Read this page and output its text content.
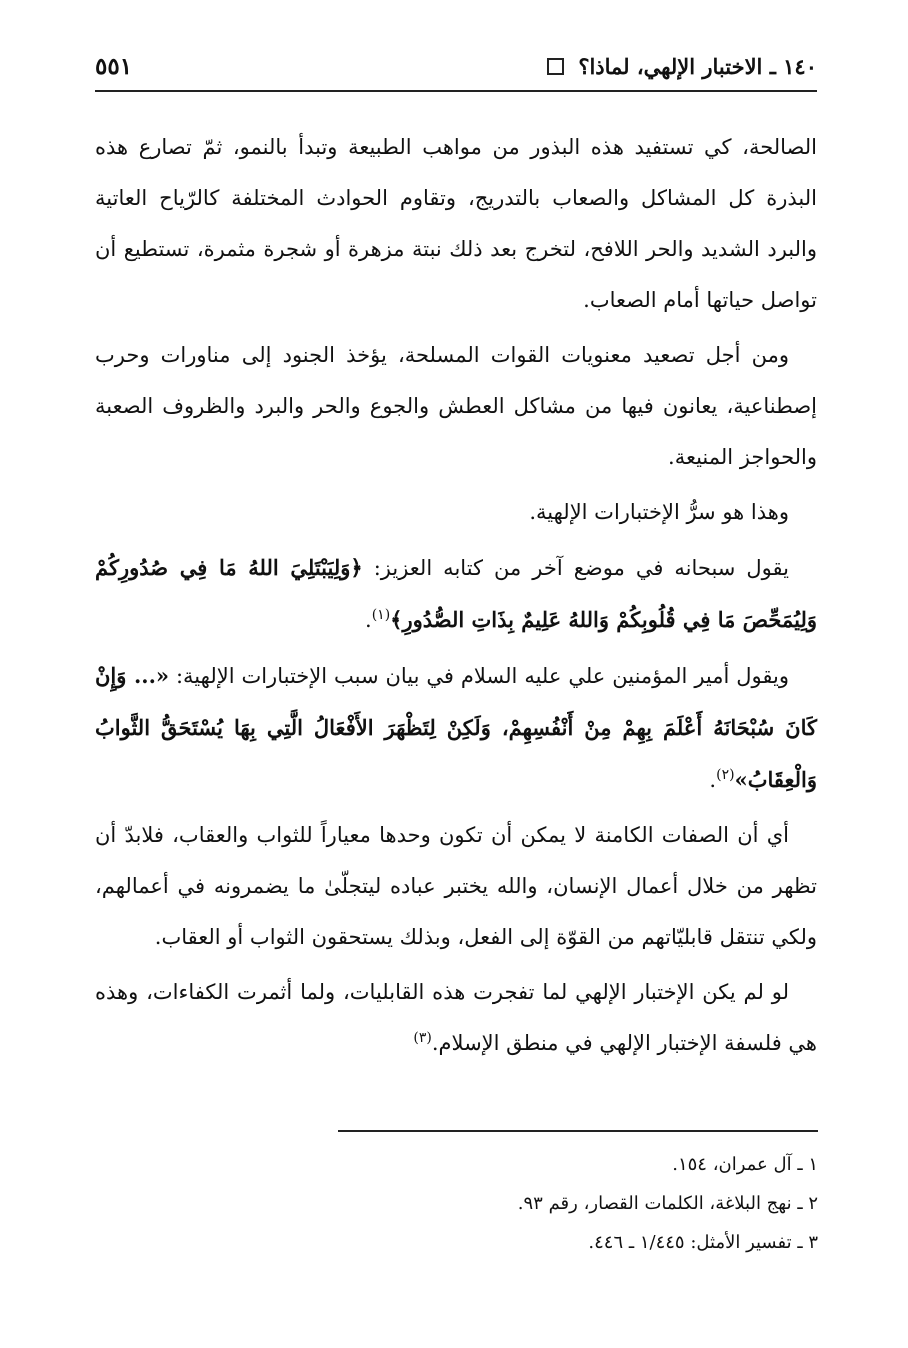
١٤٠ ـ الاختبار الإلهي، لماذا؟
٥٥١

الصالحة، كي تستفيد هذه البذور من مواهب الطبيعة وتبدأ بالنمو، ثمّ تصارع هذه البذرة كل المشاكل والصعاب بالتدريج، وتقاوم الحوادث المختلفة كالرّياح العاتية والبرد الشديد والحر اللافح، لتخرج بعد ذلك نبتة مزهرة أو شجرة مثمرة، تستطيع أن تواصل حياتها أمام الصعاب.

ومن أجل تصعيد معنويات القوات المسلحة، يؤخذ الجنود إلى مناورات وحرب إصطناعية، يعانون فيها من مشاكل العطش والجوع والحر والبرد والظروف الصعبة والحواجز المنيعة.

وهذا هو سرُّ الإختبارات الإلهية.

يقول سبحانه في موضع آخر من كتابه العزيز: ﴿وَلِيَبْتَلِيَ اللهُ مَا فِي صُدُورِكُمْ وَلِيُمَحِّصَ مَا فِي قُلُوبِكُمْ وَاللهُ عَلِيمٌ بِذَاتِ الصُّدُورِ﴾$^{(١)}$.

ويقول أمير المؤمنين علي عليه السلام في بيان سبب الإختبارات الإلهية: «... وَإِنْ كَانَ سُبْحَانَهُ أَعْلَمَ بِهِمْ مِنْ أَنْفُسِهِمْ، وَلَكِنْ لِتَظْهَرَ الأَفْعَالُ الَّتِي بِهَا يُسْتَحَقُّ الثَّوابُ وَالْعِقَابُ»$^{(٢)}$.

أي أن الصفات الكامنة لا يمكن أن تكون وحدها معياراً للثواب والعقاب، فلابدّ أن تظهر من خلال أعمال الإنسان، والله يختبر عباده ليتجلّىٰ ما يضمرونه في أعمالهم، ولكي تنتقل قابليّاتهم من القوّة إلى الفعل، وبذلك يستحقون الثواب أو العقاب.

لو لم يكن الإختبار الإلهي لما تفجرت هذه القابليات، ولما أثمرت الكفاءات، وهذه هي فلسفة الإختبار الإلهي في منطق الإسلام.$^{(٣)}$

١ ـ آل عمران، ١٥٤.
٢ ـ نهج البلاغة، الكلمات القصار، رقم ٩٣.
٣ ـ تفسير الأمثل: ١/٤٤٥ ـ ٤٤٦.
